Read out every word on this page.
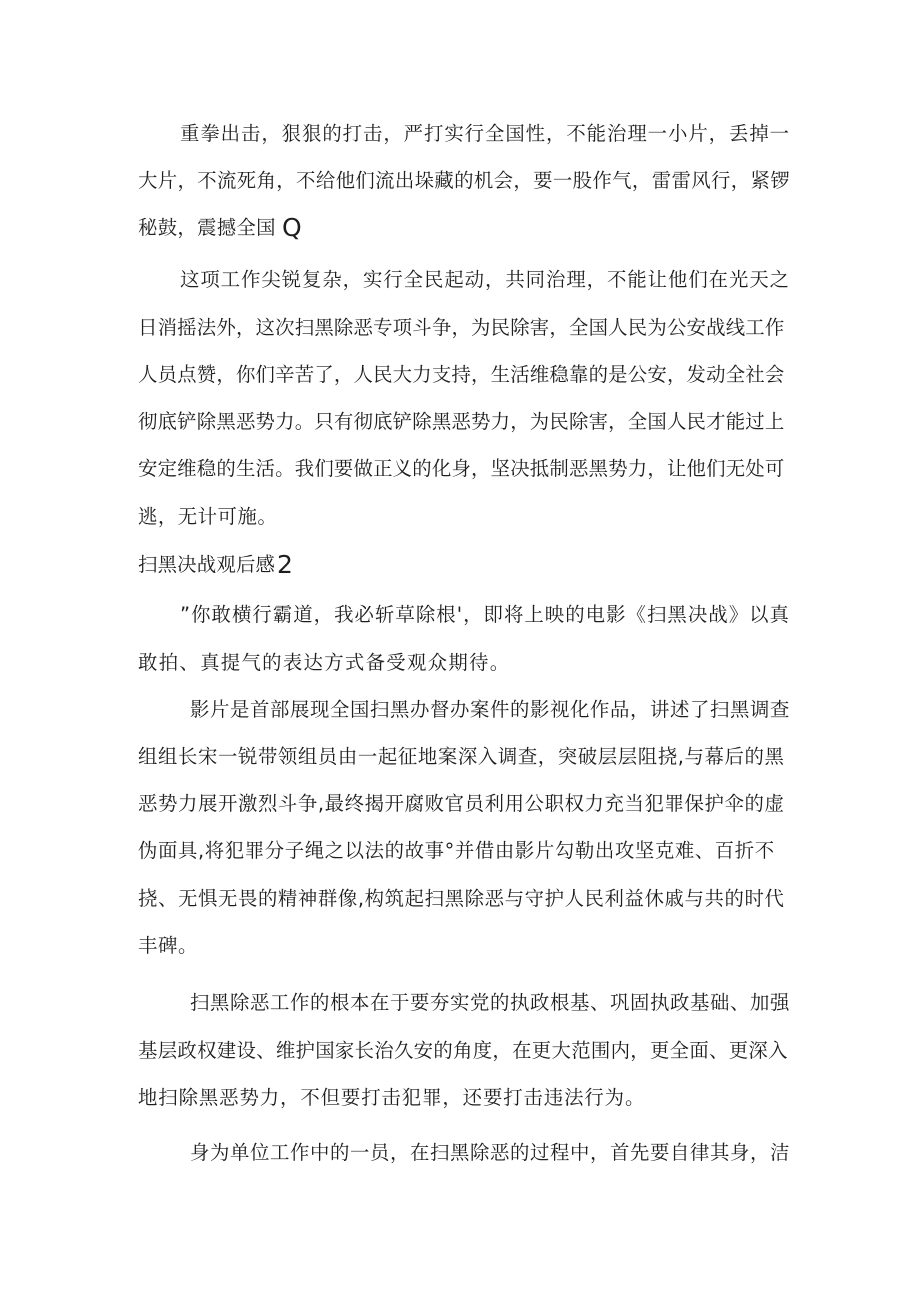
重拳出击，狠狠的打击，严打实行全国性，不能治理一小片，丢掉一
大片，不流死角，不给他们流出垛藏的机会，要一股作气，雷雷风行，紧锣
秘鼓，震撼全国 Q
这项工作尖锐复杂，实行全民起动，共同治理，不能让他们在光天之
日消摇法外，这次扫黑除恶专项斗争，为民除害，全国人民为公安战线工作
人员点赞，你们辛苦了，人民大力支持，生活维稳靠的是公安，发动全社会
彻底铲除黑恶势力。只有彻底铲除黑恶势力，为民除害，全国人民才能过上
安定维稳的生活。我们要做正义的化身，坚决抵制恶黑势力，让他们无处可
逃，无计可施。
扫黑决战观后感 2
”你敢横行霸道，我必斩草除根'，即将上映的电影《扫黑决战》以真
敢拍、真提气的表达方式备受观众期待。
影片是首部展现全国扫黑办督办案件的影视化作品，讲述了扫黑调查
组组长宋一锐带领组员由一起征地案深入调查，突破层层阻挠,与幕后的黑
恶势力展开激烈斗争,最终揭开腐败官员利用公职权力充当犯罪保护伞的虚
伪面具,将犯罪分子绳之以法的故事°并借由影片勾勒出攻坚克难、百折不
挠、无惧无畏的精神群像,构筑起扫黑除恶与守护人民利益休戚与共的时代
丰碑。
扫黑除恶工作的根本在于要夯实党的执政根基、巩固执政基础、加强
基层政权建设、维护国家长治久安的角度，在更大范围内，更全面、更深入
地扫除黑恶势力，不但要打击犯罪，还要打击违法行为。
身为单位工作中的一员，在扫黑除恶的过程中，首先要自律其身，洁
